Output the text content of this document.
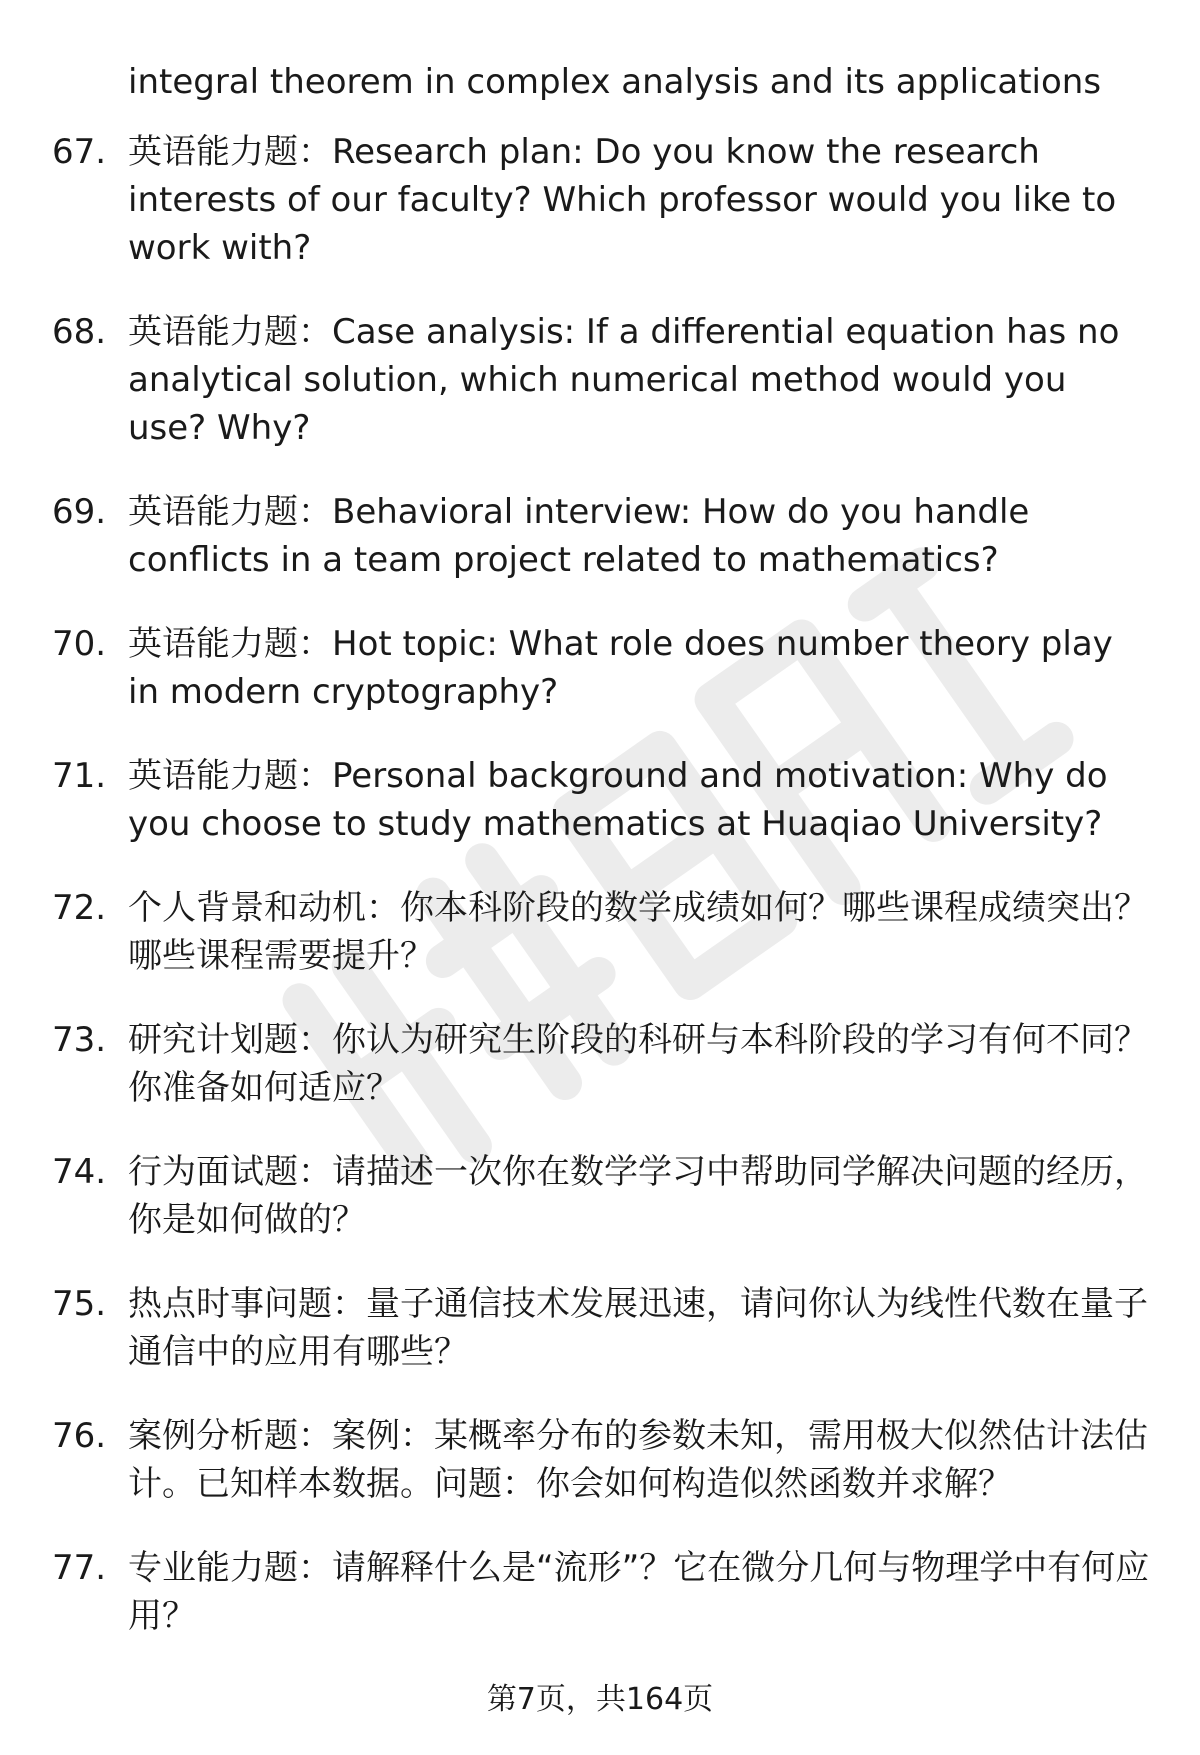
integral theorem in complex analysis and its applications
67. 英语能力题：Research plan: Do you know the research interests of our faculty? Which professor would you like to work with?
68. 英语能力题：Case analysis: If a differential equation has no analytical solution, which numerical method would you use? Why?
69. 英语能力题：Behavioral interview: How do you handle conflicts in a team project related to mathematics?
70. 英语能力题：Hot topic: What role does number theory play in modern cryptography?
71. 英语能力题：Personal background and motivation: Why do you choose to study mathematics at Huaqiao University?
72. 个人背景和动机：你本科阶段的数学成绩如何？哪些课程成绩突出？哪些课程需要提升？
73. 研究计划题：你认为研究生阶段的科研与本科阶段的学习有何不同？你准备如何适应？
74. 行为面试题：请描述一次你在数学学习中帮助同学解决问题的经历，你是如何做的？
75. 热点时事问题：量子通信技术发展迅速，请问你认为线性代数在量子通信中的应用有哪些？
76. 案例分析题：案例：某概率分布的参数未知，需用极大似然估计法估计。已知样本数据。问题：你会如何构造似然函数并求解？
77. 专业能力题：请解释什么是“流形”？它在微分几何与物理学中有何应用？
第7页，共164页
